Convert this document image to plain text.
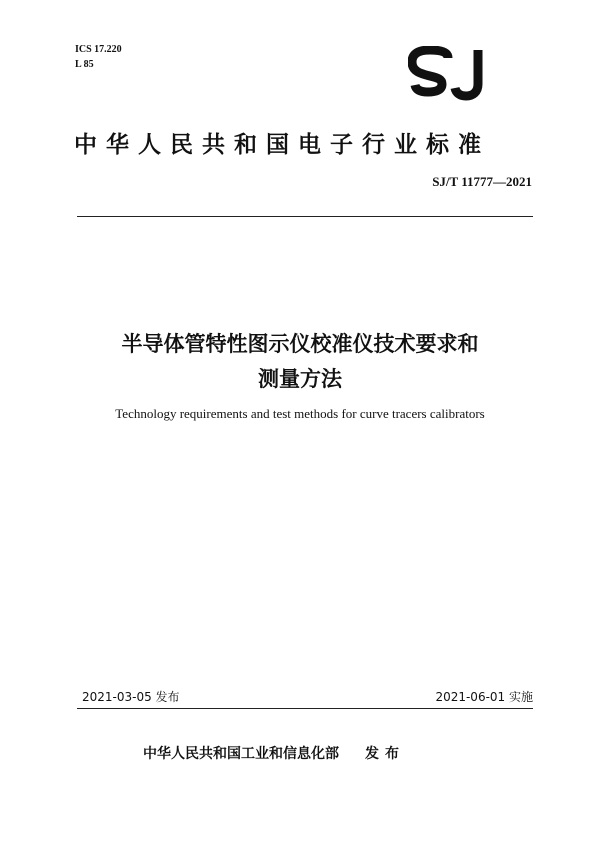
ICS 17.220
L 85
SJ
中华人民共和国电子行业标准
SJ/T 11777—2021
半导体管特性图示仪校准仪技术要求和
测量方法
Technology requirements and test methods for curve tracers calibrators
2021-03-05 发布	2021-06-01 实施
中华人民共和国工业和信息化部 发布
